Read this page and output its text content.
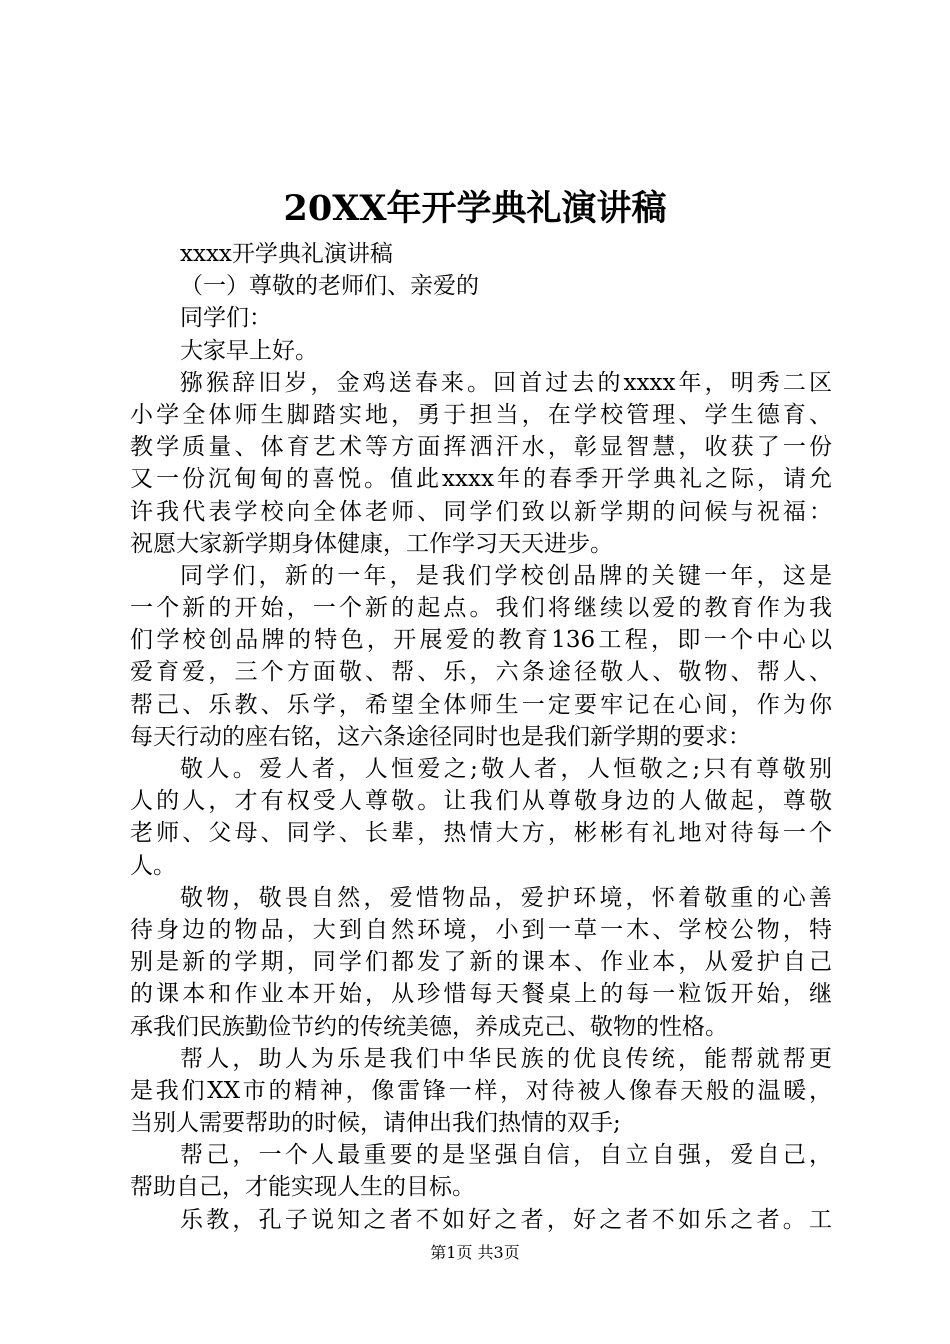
20XX年开学典礼演讲稿
xxxx开学典礼演讲稿
（一）尊敬的老师们、亲爱的
同学们：
大家早上好。
猕猴辞旧岁，金鸡送春来。回首过去的xxxx年，明秀二区
小学全体师生脚踏实地，勇于担当，在学校管理、学生德育、
教学质量、体育艺术等方面挥洒汗水，彰显智慧，收获了一份
又一份沉甸甸的喜悦。值此xxxx年的春季开学典礼之际，请允
许我代表学校向全体老师、同学们致以新学期的问候与祝福：
祝愿大家新学期身体健康，工作学习天天进步。
同学们，新的一年，是我们学校创品牌的关键一年，这是
一个新的开始，一个新的起点。我们将继续以爱的教育作为我
们学校创品牌的特色，开展爱的教育136工程，即一个中心以
爱育爱，三个方面敬、帮、乐，六条途径敬人、敬物、帮人、
帮己、乐教、乐学，希望全体师生一定要牢记在心间，作为你
每天行动的座右铭，这六条途径同时也是我们新学期的要求：
敬人。爱人者，人恒爱之;敬人者，人恒敬之;只有尊敬别
人的人，才有权受人尊敬。让我们从尊敬身边的人做起，尊敬
老师、父母、同学、长辈，热情大方，彬彬有礼地对待每一个
人。
敬物，敬畏自然，爱惜物品，爱护环境，怀着敬重的心善
待身边的物品，大到自然环境，小到一草一木、学校公物，特
别是新的学期，同学们都发了新的课本、作业本，从爱护自己
的课本和作业本开始，从珍惜每天餐桌上的每一粒饭开始，继
承我们民族勤俭节约的传统美德，养成克己、敬物的性格。
帮人，助人为乐是我们中华民族的优良传统，能帮就帮更
是我们XX市的精神，像雷锋一样，对待被人像春天般的温暖，
当别人需要帮助的时候，请伸出我们热情的双手;
帮己，一个人最重要的是坚强自信，自立自强，爱自己，
帮助自己，才能实现人生的目标。
乐教，孔子说知之者不如好之者，好之者不如乐之者。工
第1页 共3页
